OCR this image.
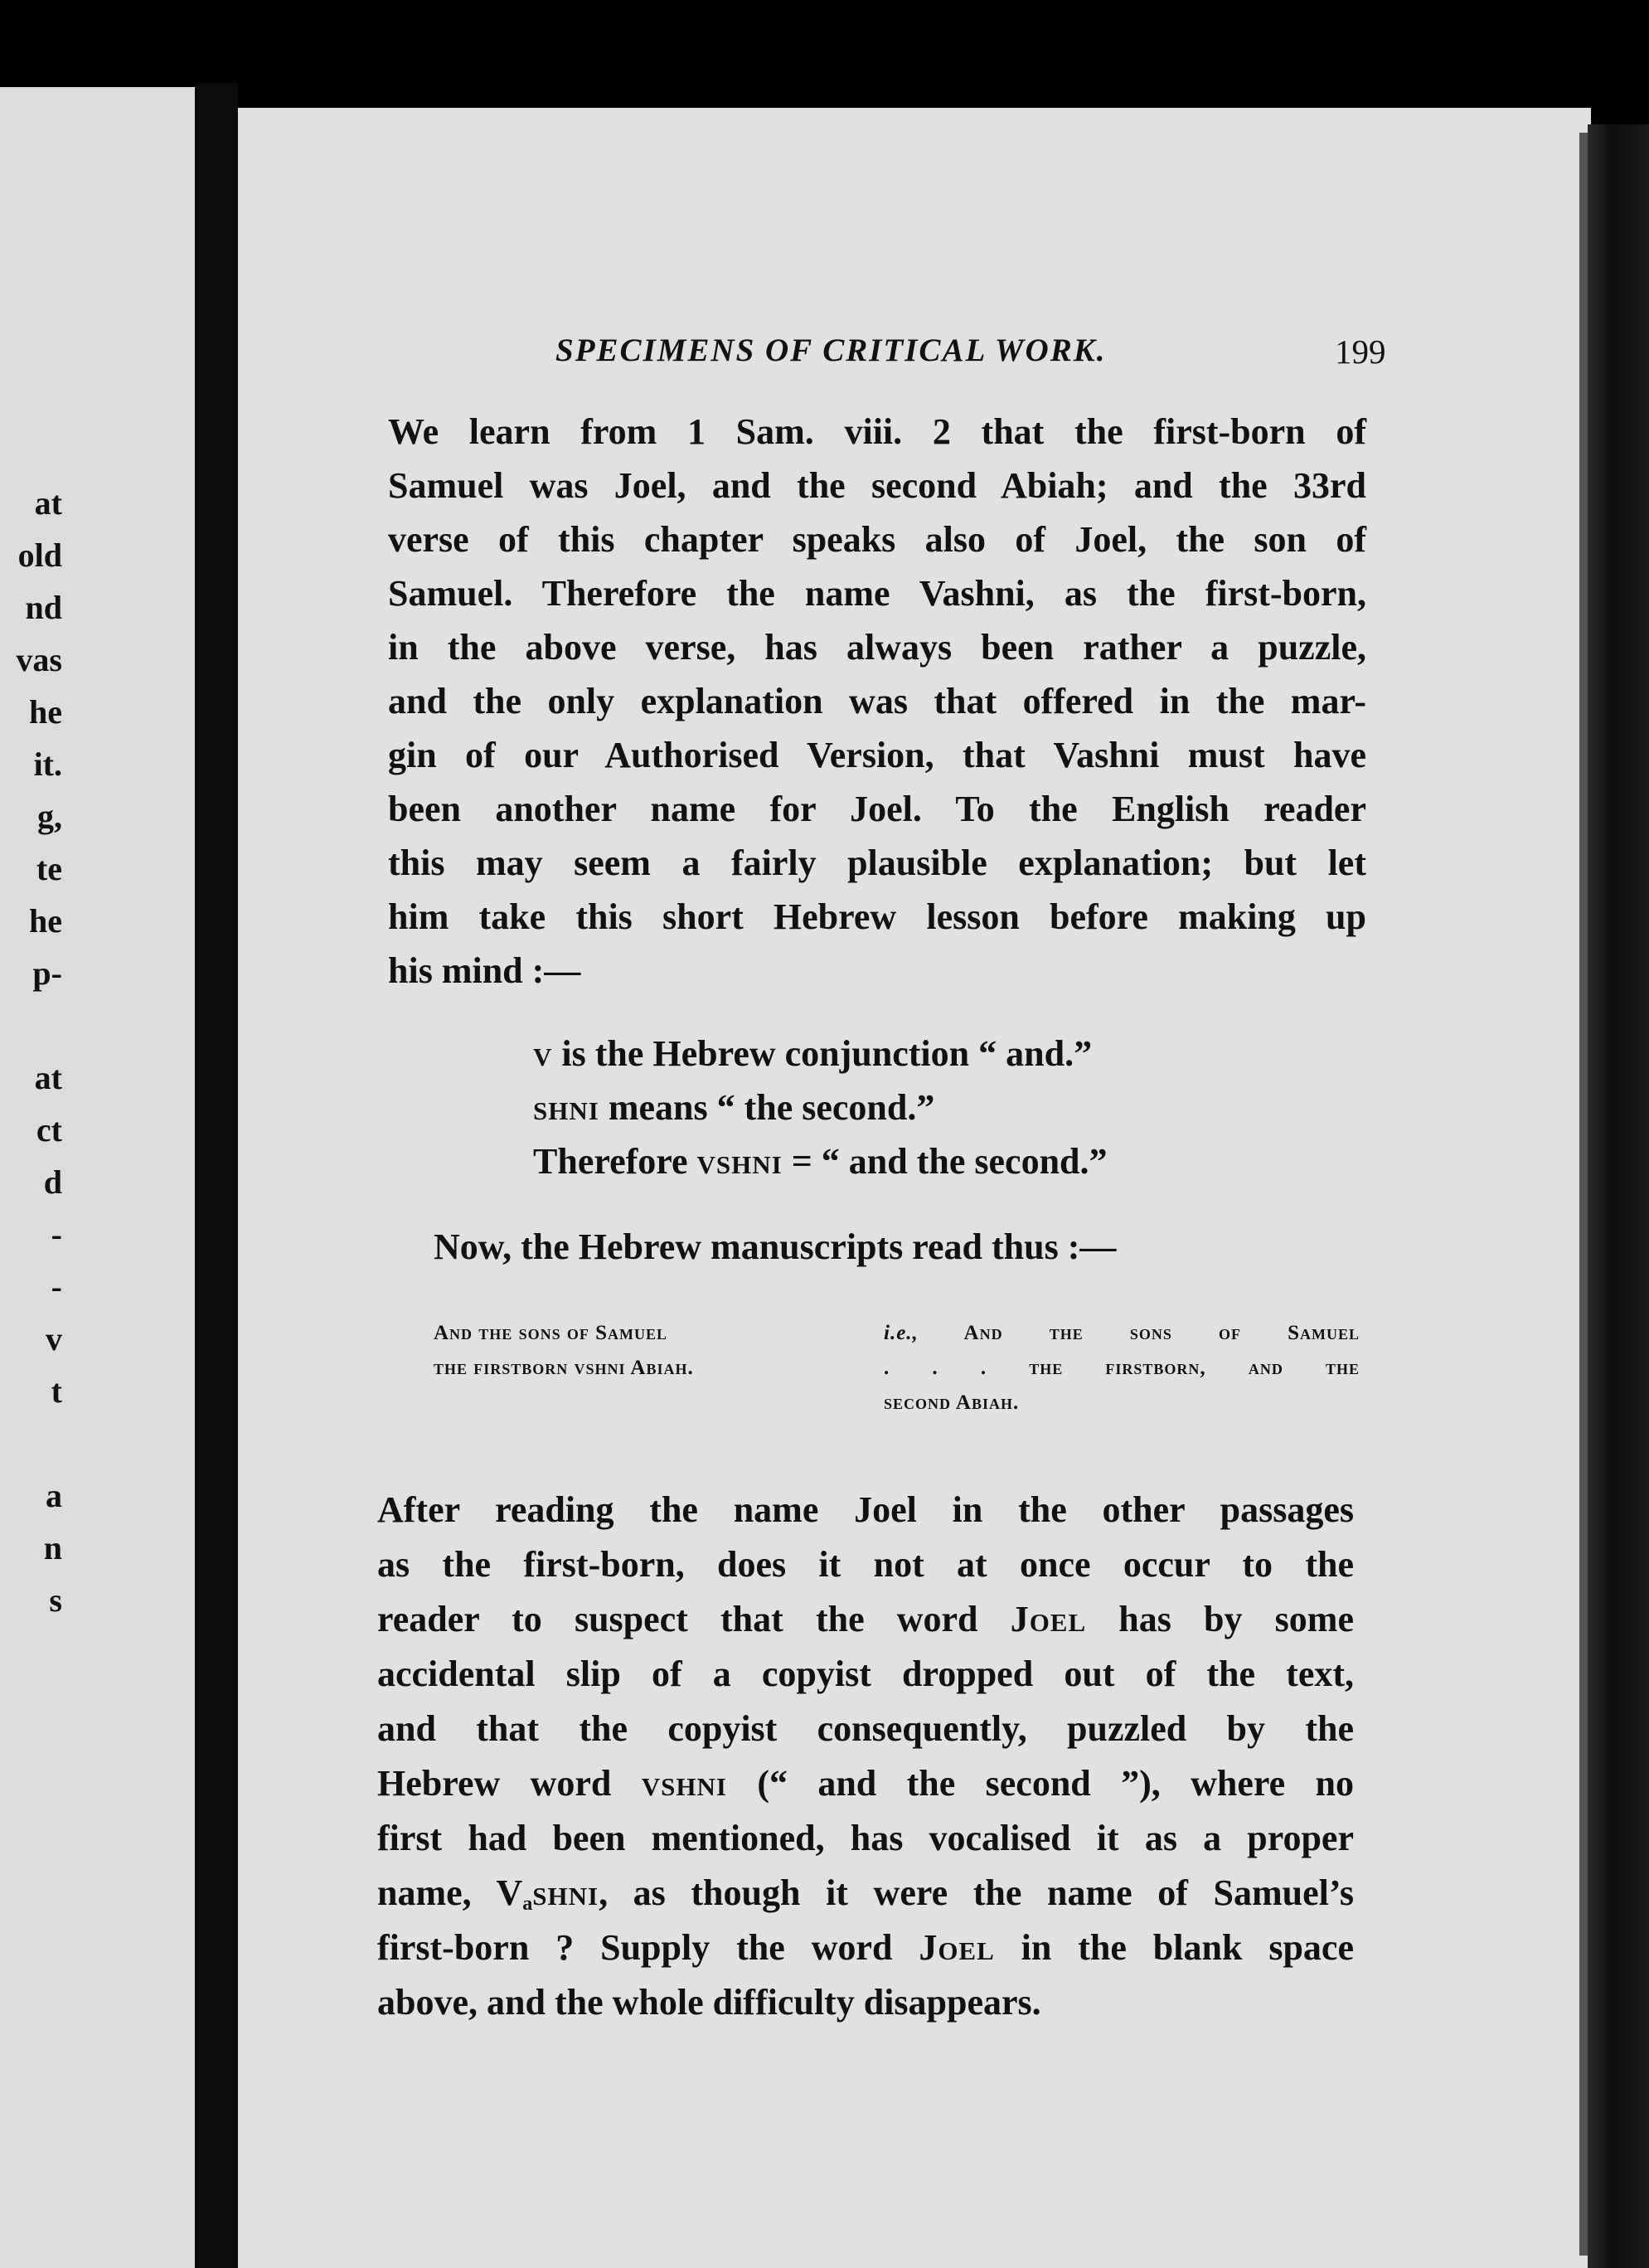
at
old
nd
vas
he
it.
g,
te
he
p-
at
ct
d
-
-
v
t
a
n
s
SPECIMENS OF CRITICAL WORK.	199
We learn from 1 Sam. viii. 2 that the first-born of
Samuel was Joel, and the second Abiah; and the 33rd
verse of this chapter speaks also of Joel, the son of
Samuel. Therefore the name Vashni, as the first-born,
in the above verse, has always been rather a puzzle,
and the only explanation was that offered in the mar-
gin of our Authorised Version, that Vashni must have
been another name for Joel. To the English reader
this may seem a fairly plausible explanation; but let
him take this short Hebrew lesson before making up
his mind :—
v is the Hebrew conjunction “ and.”
shni means “ the second.”
Therefore vshni = “ and the second.”
Now, the Hebrew manuscripts read thus :—
And the sons of Samuel
the firstborn vshni Abiah.
i.e., And the sons of Samuel
. . . the firstborn, and the
second Abiah.
After reading the name Joel in the other passages
as the first-born, does it not at once occur to the
reader to suspect that the word Joel has by some
accidental slip of a copyist dropped out of the text,
and that the copyist consequently, puzzled by the
Hebrew word vshni (“ and the second ”), where no
first had been mentioned, has vocalised it as a proper
name, $V_ashni$, as though it were the name of Samuel’s
first-born ? Supply the word Joel in the blank space
above, and the whole difficulty disappears.
